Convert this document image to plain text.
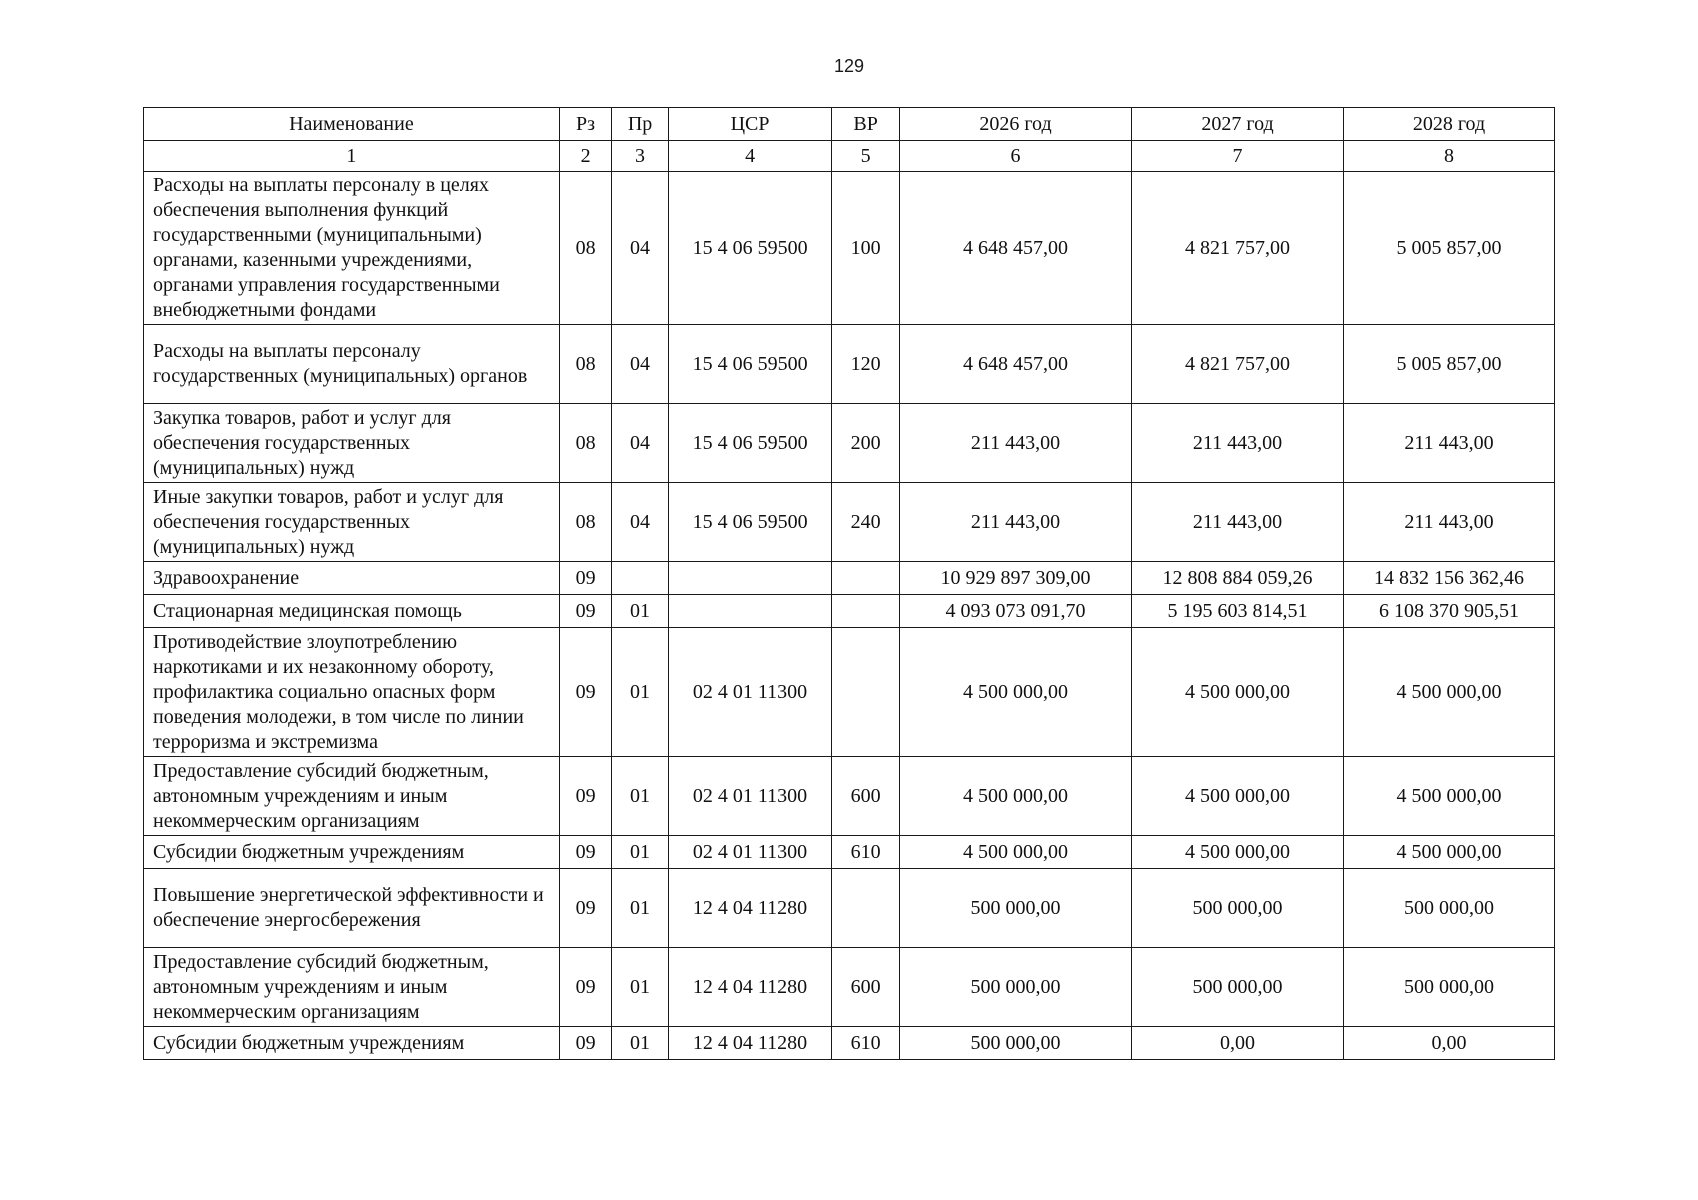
129
Наименование	Рз	Пр	ЦСР	ВР	2026 год	2027 год	2028 год
1	2	3	4	5	6	7	8
Расходы на выплаты персоналу в целях обеспечения выполнения функций государственными (муниципальными) органами, казенными учреждениями, органами управления государственными внебюджетными фондами	08	04	15 4 06 59500	100	4 648 457,00	4 821 757,00	5 005 857,00
Расходы на выплаты персоналу государственных (муниципальных) органов	08	04	15 4 06 59500	120	4 648 457,00	4 821 757,00	5 005 857,00
Закупка товаров, работ и услуг для обеспечения государственных (муниципальных) нужд	08	04	15 4 06 59500	200	211 443,00	211 443,00	211 443,00
Иные закупки товаров, работ и услуг для обеспечения государственных (муниципальных) нужд	08	04	15 4 06 59500	240	211 443,00	211 443,00	211 443,00
Здравоохранение	09				10 929 897 309,00	12 808 884 059,26	14 832 156 362,46
Стационарная медицинская помощь	09	01			4 093 073 091,70	5 195 603 814,51	6 108 370 905,51
Противодействие злоупотреблению наркотиками и их незаконному обороту, профилактика социально опасных форм поведения молодежи, в том числе по линии терроризма и экстремизма	09	01	02 4 01 11300		4 500 000,00	4 500 000,00	4 500 000,00
Предоставление субсидий бюджетным, автономным учреждениям и иным некоммерческим организациям	09	01	02 4 01 11300	600	4 500 000,00	4 500 000,00	4 500 000,00
Субсидии бюджетным учреждениям	09	01	02 4 01 11300	610	4 500 000,00	4 500 000,00	4 500 000,00
Повышение энергетической эффективности и обеспечение энергосбережения	09	01	12 4 04 11280		500 000,00	500 000,00	500 000,00
Предоставление субсидий бюджетным, автономным учреждениям и иным некоммерческим организациям	09	01	12 4 04 11280	600	500 000,00	500 000,00	500 000,00
Субсидии бюджетным учреждениям	09	01	12 4 04 11280	610	500 000,00	0,00	0,00
